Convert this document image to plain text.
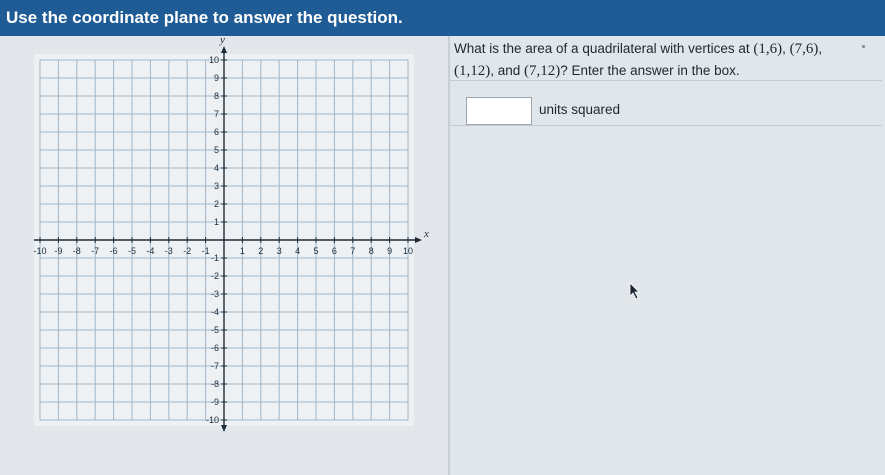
Use the coordinate plane to answer the question.
x
y
-10 -9 -8 -7 -6 -5 -4 -3 -2 -1	1 2 3 4 5 6 7 8 9 10
10
9
8
7
6
5
4
3
2
1
-1
-2
-3
-4
-5
-6
-7
-8
-9
-10
What is the area of a quadrilateral with vertices at (1,6), (7,6),
(1,12), and (7,12)? Enter the answer in the box.
units squared
